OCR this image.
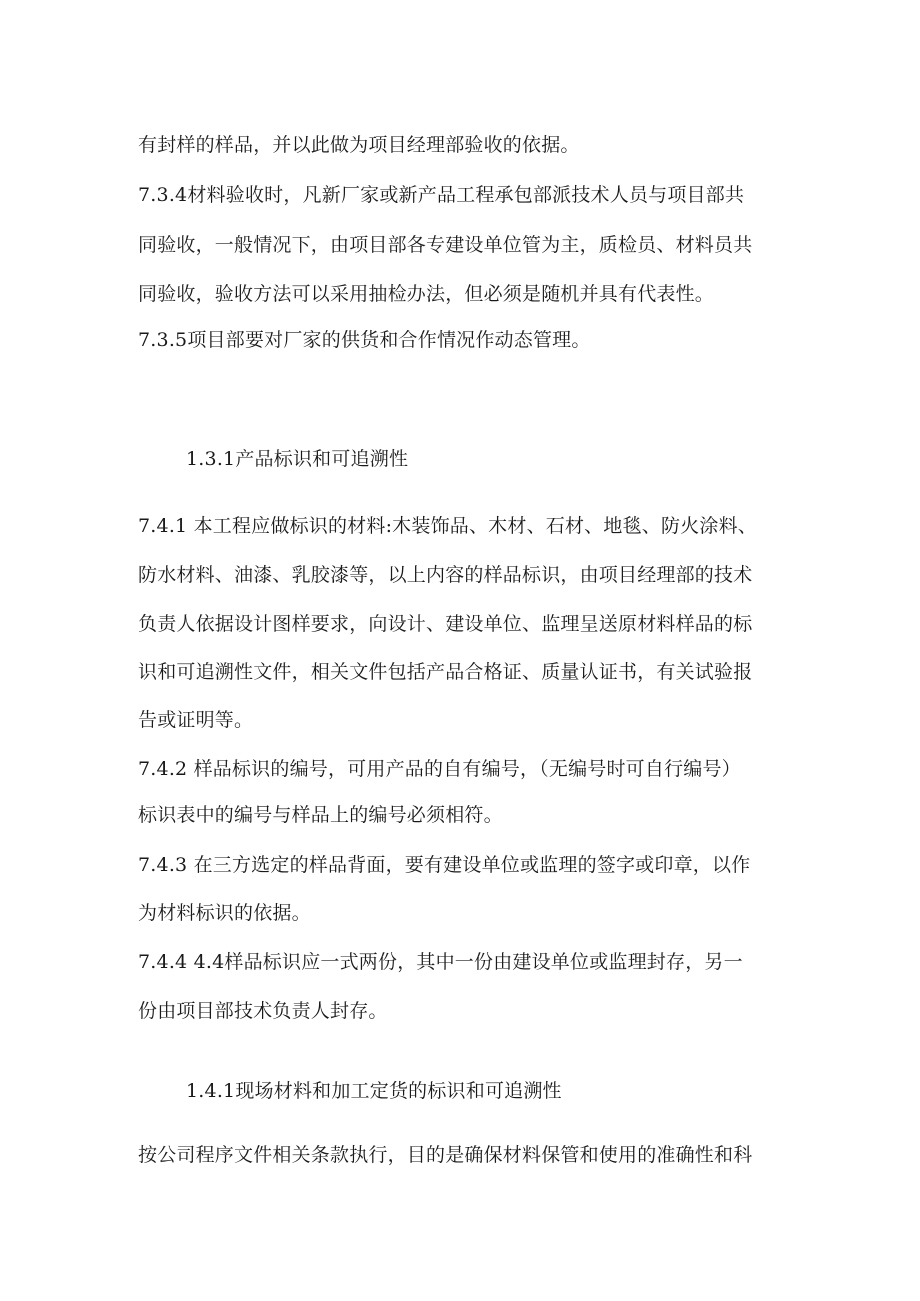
有封样的样品，并以此做为项目经理部验收的依据。
7.3.4材料验收时，凡新厂家或新产品工程承包部派技术人员与项目部共
同验收，一般情况下，由项目部各专建设单位管为主，质检员、材料员共
同验收，验收方法可以采用抽检办法，但必须是随机并具有代表性。
7.3.5项目部要对厂家的供货和合作情况作动态管理。
1.3.1产品标识和可追溯性
7.4.1 本工程应做标识的材料:木装饰品、木材、石材、地毯、防火涂料、
防水材料、油漆、乳胶漆等，以上内容的样品标识，由项目经理部的技术
负责人依据设计图样要求，向设计、建设单位、监理呈送原材料样品的标
识和可追溯性文件，相关文件包括产品合格证、质量认证书，有关试验报
告或证明等。
7.4.2 样品标识的编号，可用产品的自有编号，（无编号时可自行编号）
标识表中的编号与样品上的编号必须相符。
7.4.3 在三方选定的样品背面，要有建设单位或监理的签字或印章，以作
为材料标识的依据。
7.4.4 4.4样品标识应一式两份，其中一份由建设单位或监理封存，另一
份由项目部技术负责人封存。
1.4.1现场材料和加工定货的标识和可追溯性
按公司程序文件相关条款执行，目的是确保材料保管和使用的准确性和科
